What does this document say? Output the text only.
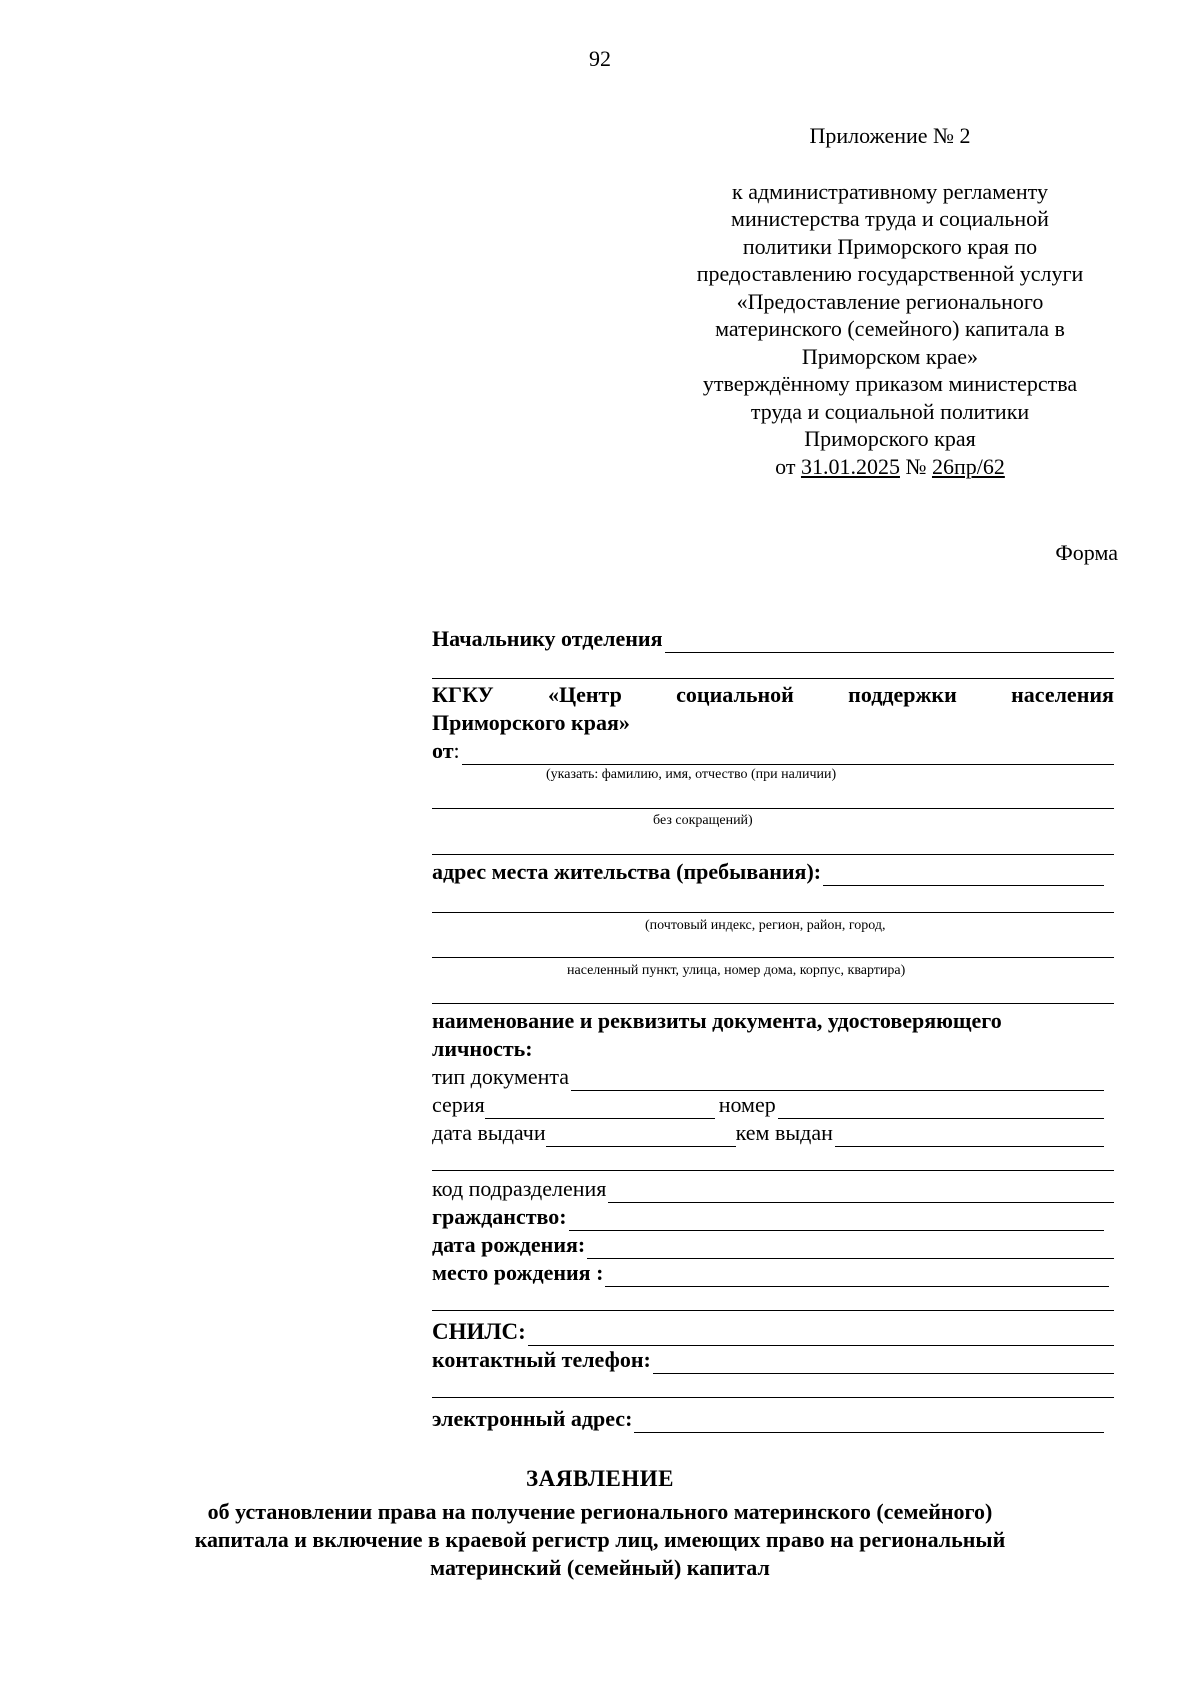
92
Приложение № 2
к административному регламенту
министерства труда и социальной
политики Приморского края по
предоставлению государственной услуги
«Предоставление регионального
материнского (семейного) капитала в
Приморском крае»
утверждённому приказом министерства
труда и социальной политики
Приморского края
от 31.01.2025 № 26пр/62
Форма
Начальнику отделения
КГКУ «Центр социальной поддержки населения
Приморского края»
от :
(указать: фамилию, имя, отчество (при наличии)
без сокращений)
адрес места жительства (пребывания):
(почтовый индекс, регион, район, город,
населенный пункт, улица, номер дома, корпус, квартира)
наименование и реквизиты документа, удостоверяющего
личность:
тип документа
серия	номер
дата выдачи	кем выдан
код подразделения
гражданство:
дата рождения:
место рождения :
СНИЛС:
контактный телефон:
электронный адрес:
ЗАЯВЛЕНИЕ
об установлении права на получение регионального материнского (семейного)
капитала и включение в краевой регистр лиц, имеющих право на региональный
материнский (семейный) капитал
